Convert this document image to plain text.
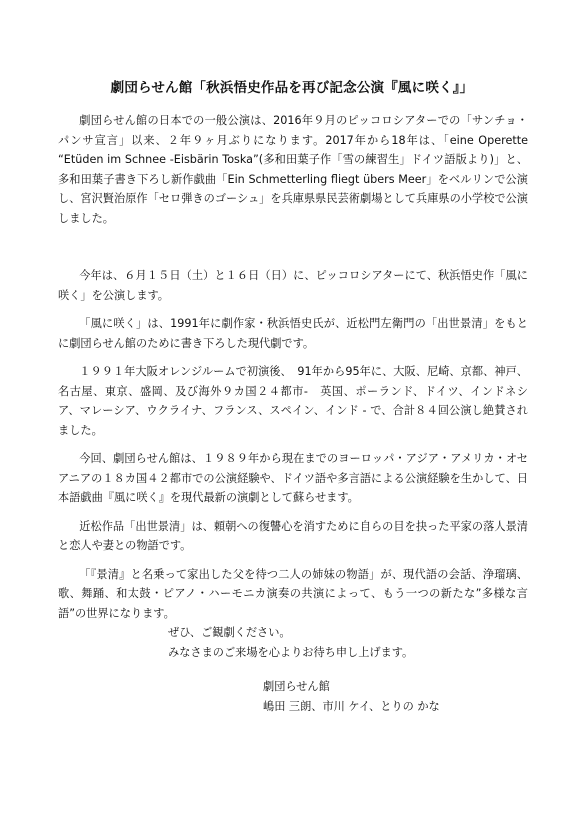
劇団らせん館「秋浜悟史作品を再び記念公演『風に咲く』」

劇団らせん館の日本での一般公演は、2016年９月のピッコロシアターでの「サンチョ・パンサ宣言」以来、２年９ヶ月ぶりになります。2017年から18年は、「eine Operette “Etüden im Schnee -Eisbärin Toska”(多和田葉子作「雪の練習生」ドイツ語版より)」と、多和田葉子書き下ろし新作戯曲「Ein Schmetterling fliegt übers Meer」をベルリンで公演し、宮沢賢治原作「セロ弾きのゴーシュ」を兵庫県県民芸術劇場として兵庫県の小学校で公演しました。

今年は、６月１５日（土）と１６日（日）に、ピッコロシアターにて、秋浜悟史作「風に咲く」を公演します。

「風に咲く」は、1991年に劇作家・秋浜悟史氏が、近松門左衛門の「出世景清」をもとに劇団らせん館のために書き下ろした現代劇です。

１９９１年大阪オレンジルームで初演後、　91年から95年に、大阪、尼崎、京都、神戸、名古屋、東京、盛岡、及び海外９カ国２４都市-　英国、ポーランド、ドイツ、インドネシア、マレーシア、ウクライナ、フランス、スペイン、インド - で、合計８４回公演し絶賛されました。

今回、劇団らせん館は、１９８９年から現在までのヨーロッパ・アジア・アメリカ・オセアニアの１８カ国４２都市での公演経験や、ドイツ語や多言語による公演経験を生かして、日本語戯曲『風に咲く』を現代最新の演劇として蘇らせます。

近松作品「出世景清」は、頼朝への復讐心を消すために自らの目を抉った平家の落人景清と恋人や妻との物語です。

「『景清』と名乗って家出した父を待つ二人の姉妹の物語」が、現代語の会話、浄瑠璃、歌、舞踊、和太鼓・ピアノ・ハーモニカ演奏の共演によって、もう一つの新たな”多様な言語”の世界になります。

ぜひ、ご観劇ください。
みなさまのご来場を心よりお待ち申し上げます。
劇団らせん館
嶋田 三朗、市川 ケイ、とりの かな
